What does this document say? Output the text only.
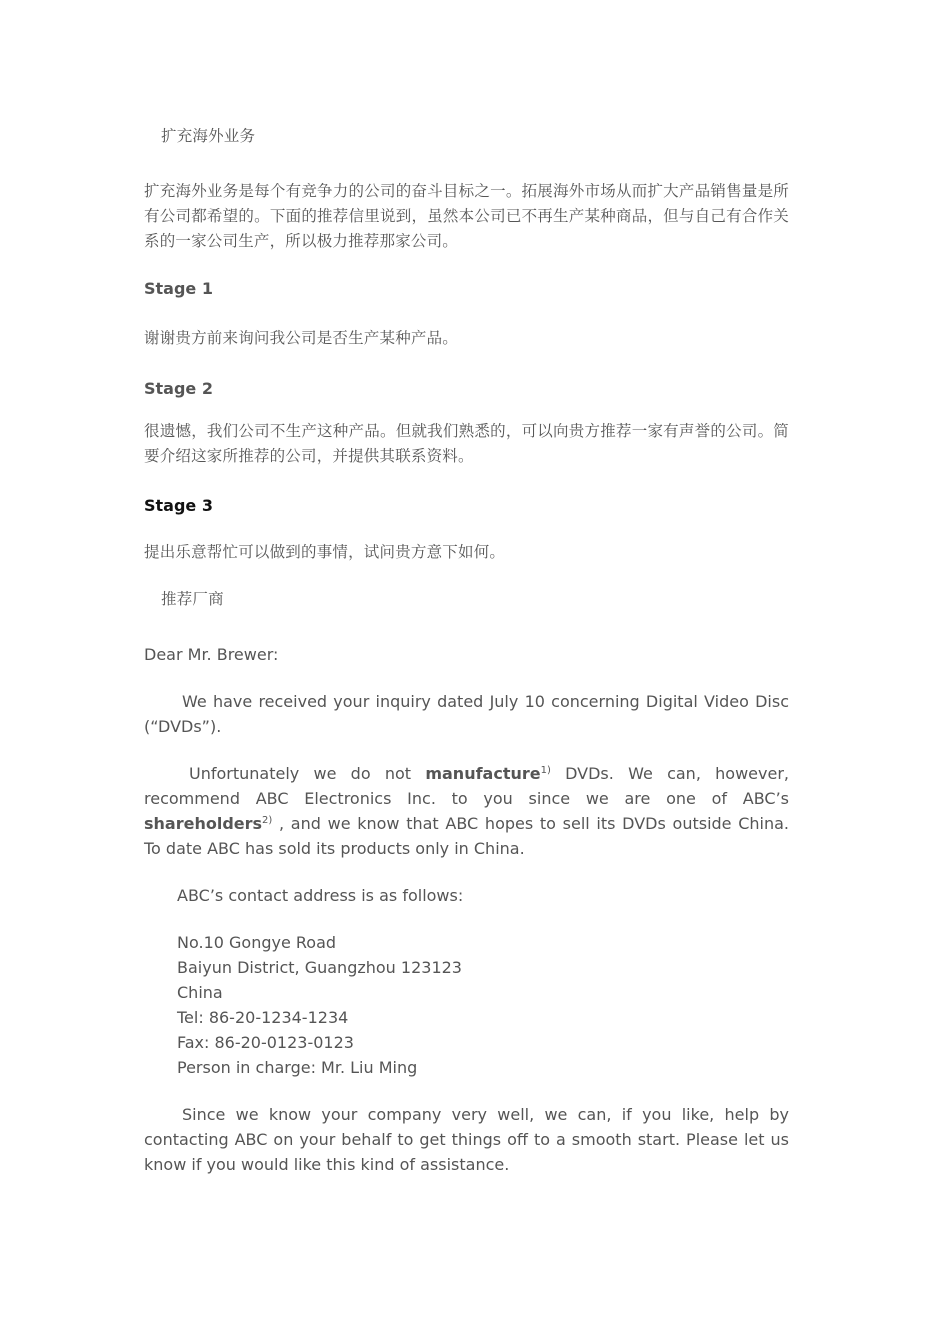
扩充海外业务
扩充海外业务是每个有竞争力的公司的奋斗目标之一。拓展海外市场从而扩大产品销售量是所有公司都希望的。下面的推荐信里说到，虽然本公司已不再生产某种商品，但与自己有合作关系的一家公司生产，所以极力推荐那家公司。
Stage 1
谢谢贵方前来询问我公司是否生产某种产品。
Stage 2
很遗憾，我们公司不生产这种产品。但就我们熟悉的，可以向贵方推荐一家有声誉的公司。简要介绍这家所推荐的公司，并提供其联系资料。
Stage 3
提出乐意帮忙可以做到的事情，试问贵方意下如何。
推荐厂商
Dear Mr. Brewer:
We have received your inquiry dated July 10 concerning Digital Video Disc (“DVDs”).
Unfortunately we do not manufacture$^{1)}$ DVDs. We can, however, recommend ABC Electronics Inc. to you since we are one of ABC’s shareholders$^{2)}$ , and we know that ABC hopes to sell its DVDs outside China. To date ABC has sold its products only in China.
ABC’s contact address is as follows:
No.10 Gongye Road
Baiyun District, Guangzhou 123123
China
Tel: 86-20-1234-1234
Fax: 86-20-0123-0123
Person in charge: Mr. Liu Ming
Since we know your company very well, we can, if you like, help by contacting ABC on your behalf to get things off to a smooth start. Please let us know if you would like this kind of assistance.
